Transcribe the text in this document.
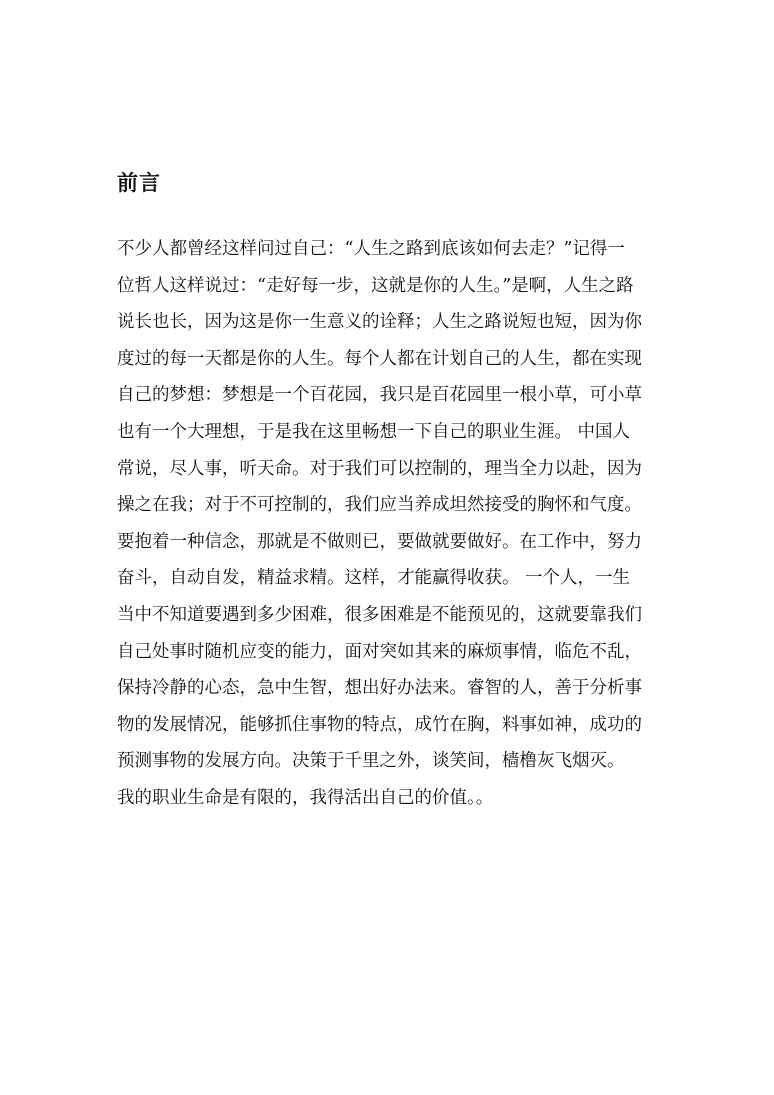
前言
不少人都曾经这样问过自己：“人生之路到底该如何去走？”记得一
位哲人这样说过：“走好每一步，这就是你的人生。”是啊，人生之路
说长也长，因为这是你一生意义的诠释；人生之路说短也短，因为你
度过的每一天都是你的人生。每个人都在计划自己的人生，都在实现
自己的梦想：梦想是一个百花园，我只是百花园里一根小草，可小草
也有一个大理想，于是我在这里畅想一下自己的职业生涯。 中国人
常说，尽人事，听天命。对于我们可以控制的，理当全力以赴，因为
操之在我；对于不可控制的，我们应当养成坦然接受的胸怀和气度。
要抱着一种信念，那就是不做则已，要做就要做好。在工作中，努力
奋斗，自动自发，精益求精。这样，才能赢得收获。 一个人，一生
当中不知道要遇到多少困难，很多困难是不能预见的，这就要靠我们
自己处事时随机应变的能力，面对突如其来的麻烦事情，临危不乱，
保持冷静的心态，急中生智，想出好办法来。睿智的人，善于分析事
物的发展情况，能够抓住事物的特点，成竹在胸，料事如神，成功的
预测事物的发展方向。决策于千里之外，谈笑间，樯橹灰飞烟灭。
我的职业生命是有限的，我得活出自己的价值。。
